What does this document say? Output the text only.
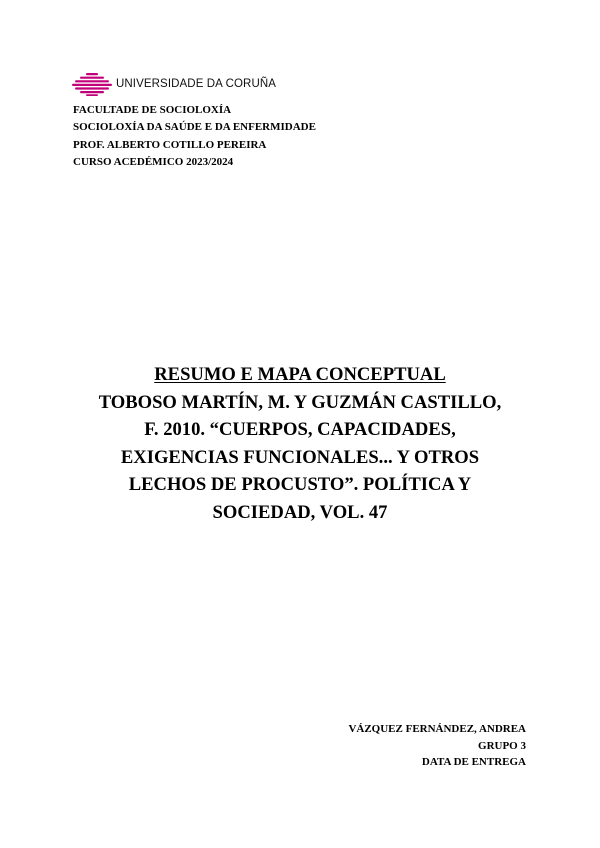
UNIVERSIDADE DA CORUÑA
FACULTADE DE SOCIOLOXÍA
SOCIOLOXÍA DA SAÚDE E DA ENFERMIDADE
PROF. ALBERTO COTILLO PEREIRA
CURSO ACEDÉMICO 2023/2024
RESUMO E MAPA CONCEPTUAL
TOBOSO MARTÍN, M. Y GUZMÁN CASTILLO,
F. 2010. “CUERPOS, CAPACIDADES,
EXIGENCIAS FUNCIONALES... Y OTROS
LECHOS DE PROCUSTO”. POLÍTICA Y
SOCIEDAD, VOL. 47
VÁZQUEZ FERNÁNDEZ, ANDREA
GRUPO 3
DATA DE ENTREGA
